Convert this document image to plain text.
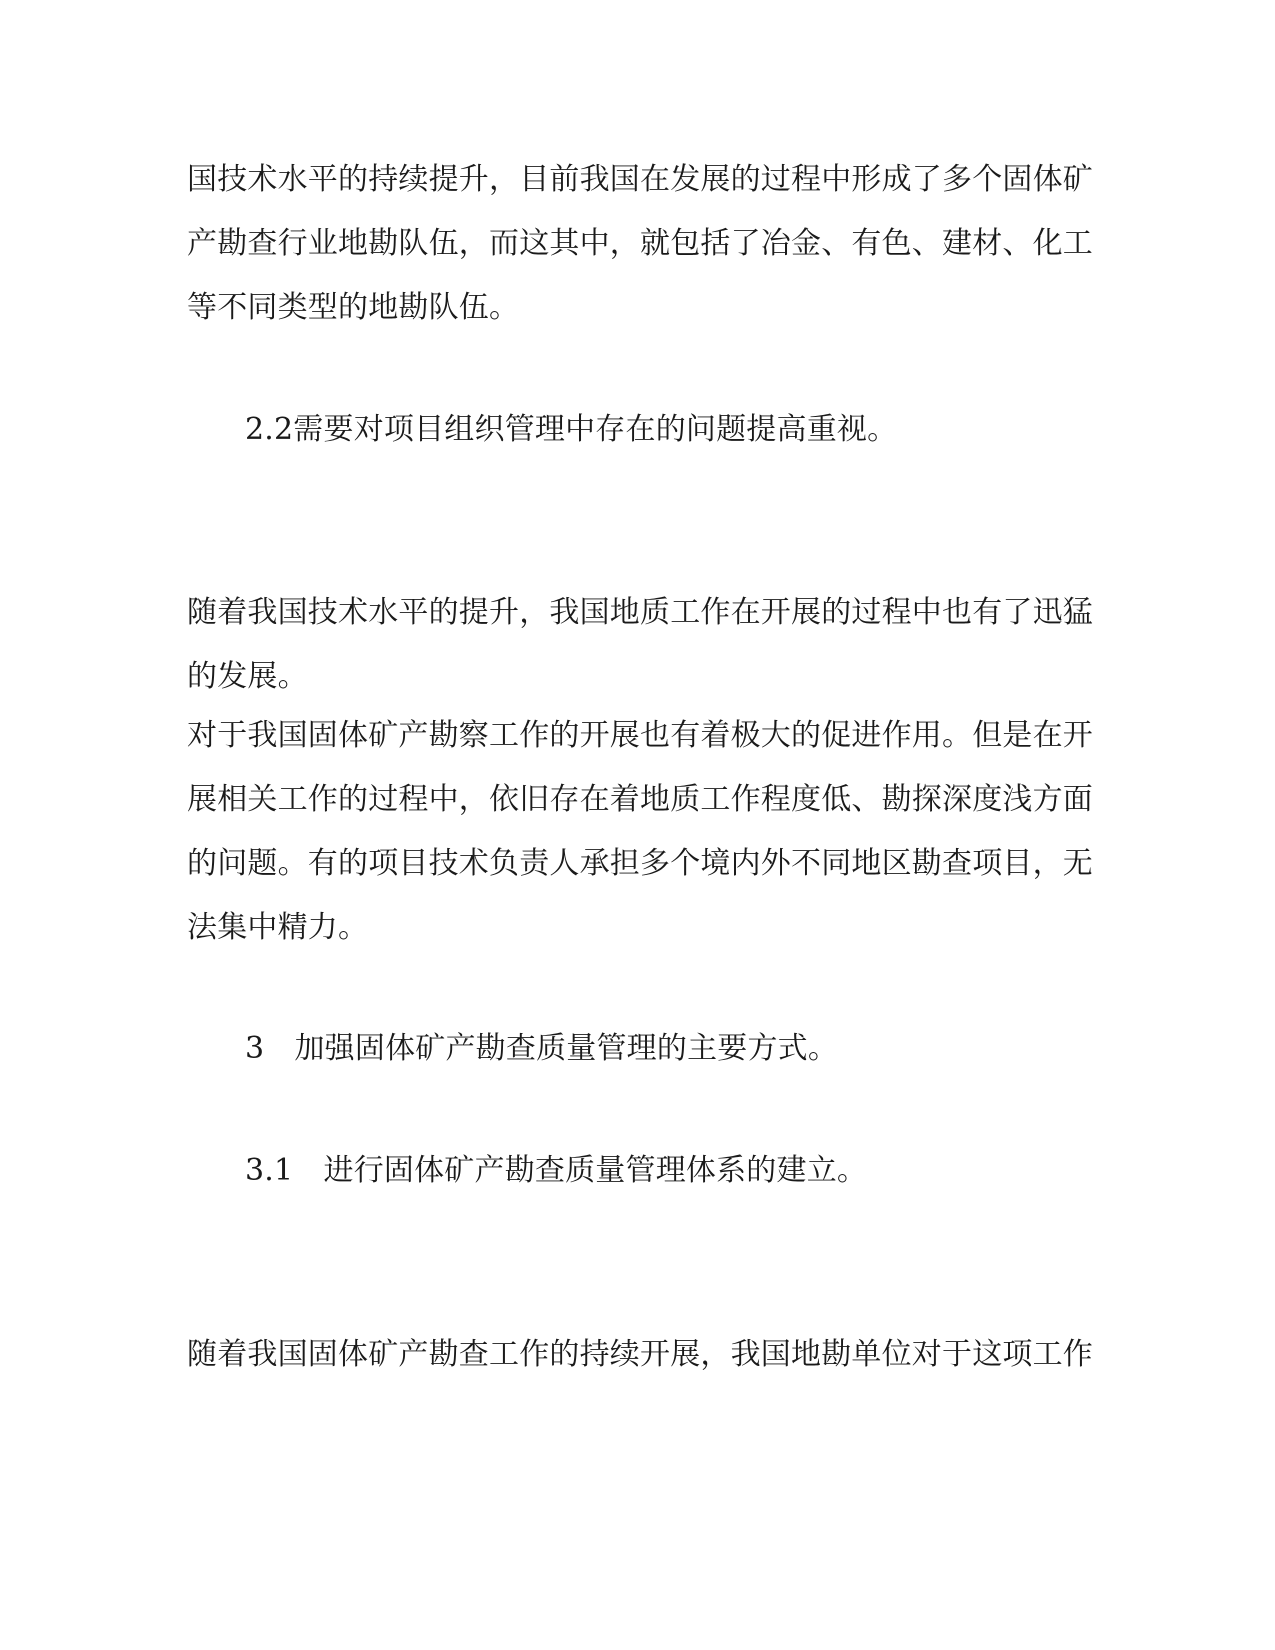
国技术水平的持续提升，目前我国在发展的过程中形成了多个固体矿
产勘查行业地勘队伍，而这其中，就包括了冶金、有色、建材、化工
等不同类型的地勘队伍。
2.2需要对项目组织管理中存在的问题提高重视。
随着我国技术水平的提升，我国地质工作在开展的过程中也有了迅猛
的发展。
对于我国固体矿产勘察工作的开展也有着极大的促进作用。但是在开
展相关工作的过程中，依旧存在着地质工作程度低、勘探深度浅方面
的问题。有的项目技术负责人承担多个境内外不同地区勘查项目，无
法集中精力。
3　加强固体矿产勘查质量管理的主要方式。
3.1　进行固体矿产勘查质量管理体系的建立。
随着我国固体矿产勘查工作的持续开展，我国地勘单位对于这项工作
